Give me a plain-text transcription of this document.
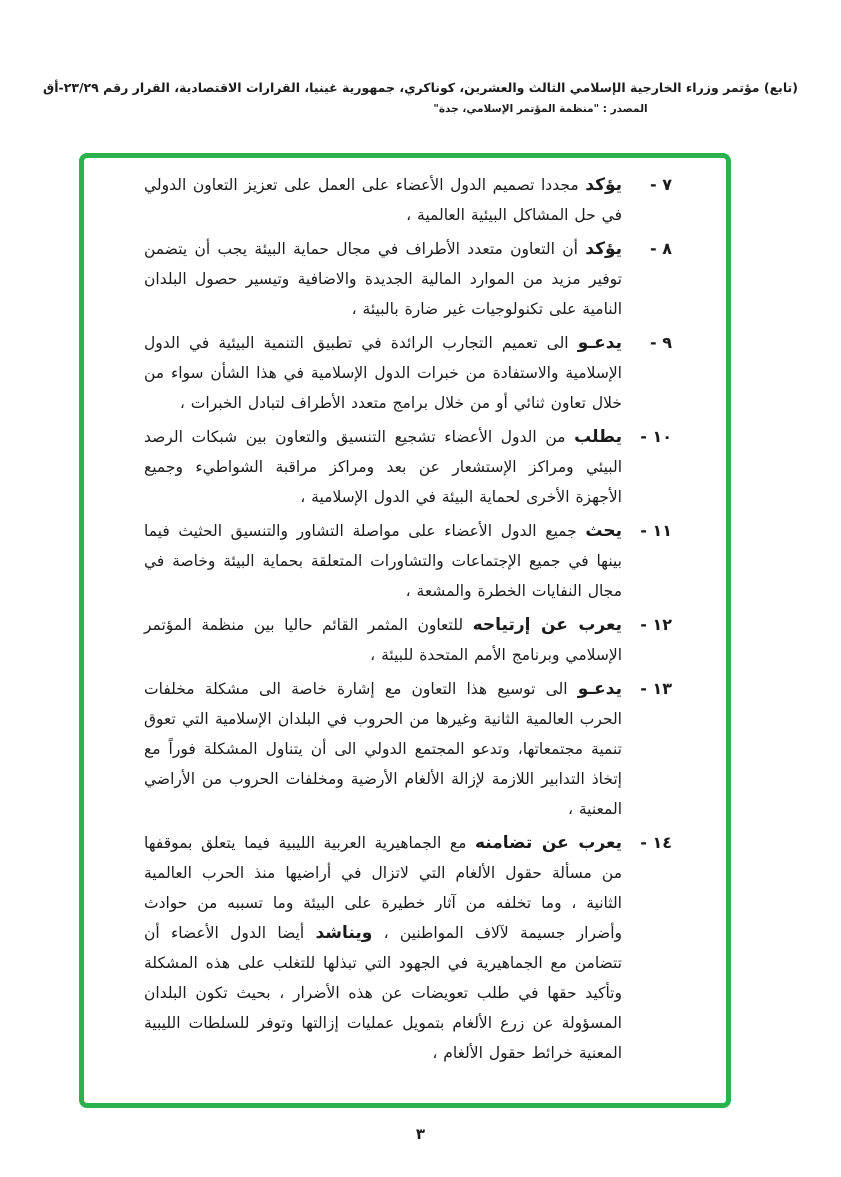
(تابع) مؤتمر وزراء الخارجية الإسلامي الثالث والعشرين، كوناكري، جمهورية غينيا، القرارات الاقتصادية، القرار رقم ٢٣/٢٩-أق
المصدر : "منظمة المؤتمر الإسلامي، جدة"
٧ -
يؤكد مجددا تصميم الدول الأعضاء على العمل على تعزيز التعاون الدولي في حل المشاكل البيئية العالمية ،
٨ -
يؤكد أن التعاون متعدد الأطراف في مجال حماية البيئة يجب أن يتضمن توفير مزيد من الموارد المالية الجديدة والاضافية وتيسير حصول البلدان النامية على تكنولوجيات غير ضارة بالبيئة ،
٩ -
يدعـو الى تعميم التجارب الرائدة في تطبيق التنمية البيئية في الدول الإسلامية والاستفادة من خبرات الدول الإسلامية في هذا الشأن سواء من خلال تعاون ثنائي أو من خلال برامج متعدد الأطراف لتبادل الخبرات ،
١٠ -
يطلب من الدول الأعضاء تشجيع التنسيق والتعاون بين شبكات الرصد البيئي ومراكز الإستشعار عن بعد ومراكز مراقبة الشواطيء وجميع الأجهزة الأخرى لحماية البيئة في الدول الإسلامية ،
١١ -
يحث جميع الدول الأعضاء على مواصلة التشاور والتنسيق الحثيث فيما بينها في جميع الإجتماعات والتشاورات المتعلقة بحماية البيئة وخاصة في مجال النفايات الخطرة والمشعة ،
١٢ -
يعرب عن إرتياحه للتعاون المثمر القائم حاليا بين منظمة المؤتمر الإسلامي وبرنامج الأمم المتحدة للبيئة ،
١٣ -
يدعـو الى توسيع هذا التعاون مع إشارة خاصة الى مشكلة مخلفات الحرب العالمية الثانية وغيرها من الحروب في البلدان الإسلامية التي تعوق تنمية مجتمعاتها، وتدعو المجتمع الدولي الى أن يتناول المشكلة فوراً مع إتخاذ التدابير اللازمة لإزالة الألغام الأرضية ومخلفات الحروب من الأراضي المعنية ،
١٤ -
يعرب عن تضامنه مع الجماهيرية العربية الليبية فيما يتعلق بموقفها من مسألة حقول الألغام التي لاتزال في أراضيها منذ الحرب العالمية الثانية ، وما تخلفه من آثار خطيرة على البيئة وما تسببه من حوادث وأضرار جسيمة لآلاف المواطنين ، ويناشد أيضا الدول الأعضاء أن تتضامن مع الجماهيرية في الجهود التي تبذلها للتغلب على هذه المشكلة وتأكيد حقها في طلب تعويضات عن هذه الأضرار ، بحيث تكون البلدان المسؤولة عن زرع الألغام بتمويل عمليات إزالتها وتوفر للسلطات الليبية المعنية خرائط حقول الألغام ،
٣
